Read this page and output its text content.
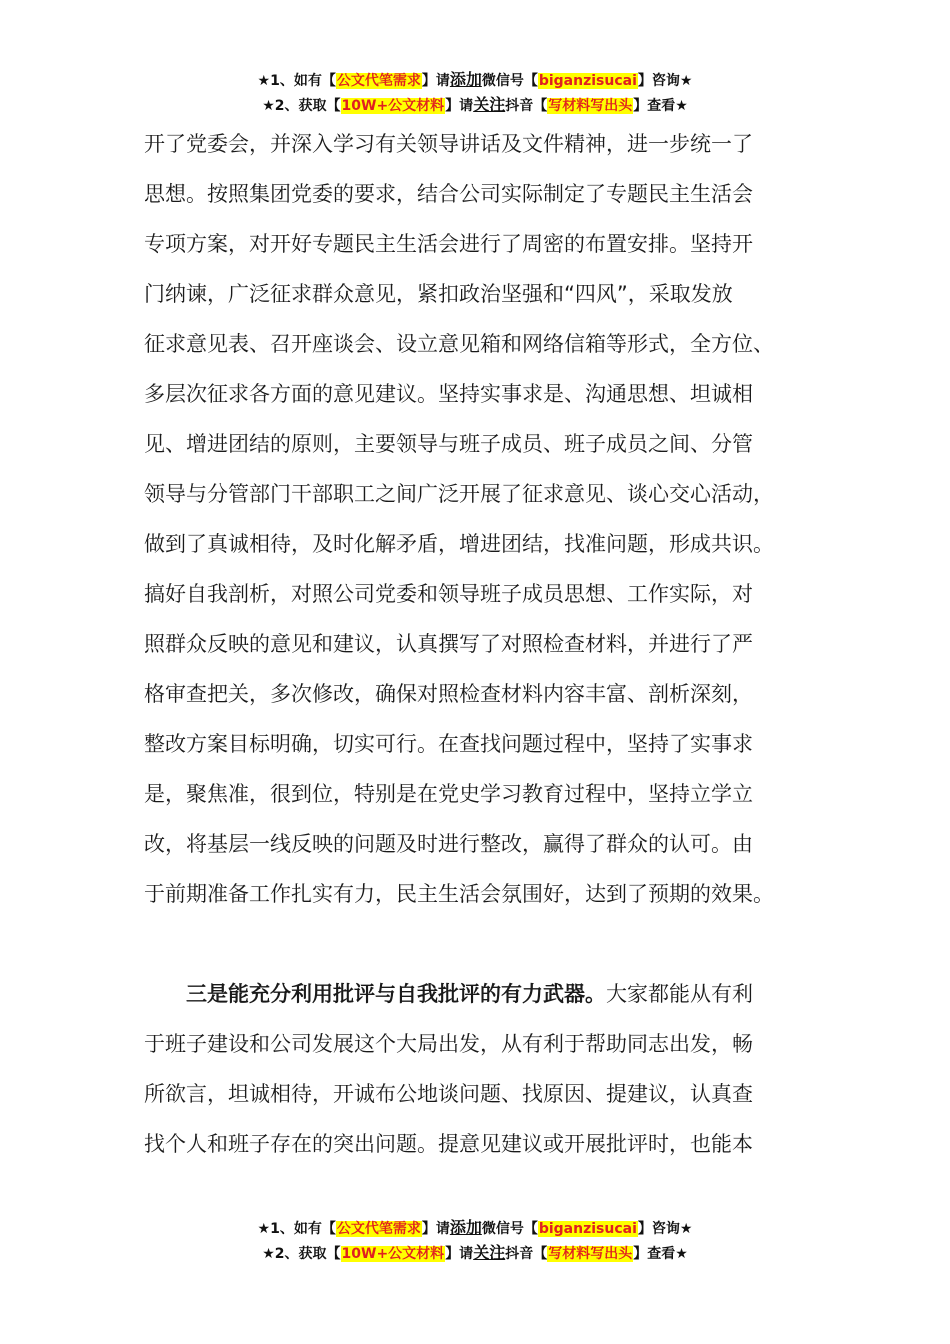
★1、如有【公文代笔需求】请添加微信号【biganzisucai】咨询★
★2、获取【10W+公文材料】请关注抖音【写材料写出头】查看★
开了党委会，并深入学习有关领导讲话及文件精神，进一步统一了
思想。按照集团党委的要求，结合公司实际制定了专题民主生活会
专项方案，对开好专题民主生活会进行了周密的布置安排。坚持开
门纳谏，广泛征求群众意见，紧扣政治坚强和“四风”，采取发放
征求意见表、召开座谈会、设立意见箱和网络信箱等形式，全方位、
多层次征求各方面的意见建议。坚持实事求是、沟通思想、坦诚相
见、增进团结的原则，主要领导与班子成员、班子成员之间、分管
领导与分管部门干部职工之间广泛开展了征求意见、谈心交心活动，
做到了真诚相待，及时化解矛盾，增进团结，找准问题，形成共识。
搞好自我剖析，对照公司党委和领导班子成员思想、工作实际，对
照群众反映的意见和建议，认真撰写了对照检查材料，并进行了严
格审查把关，多次修改，确保对照检查材料内容丰富、剖析深刻，
整改方案目标明确，切实可行。在查找问题过程中，坚持了实事求
是，聚焦准，很到位，特别是在党史学习教育过程中，坚持立学立
改，将基层一线反映的问题及时进行整改，赢得了群众的认可。由
于前期准备工作扎实有力，民主生活会氛围好，达到了预期的效果。
三是能充分利用批评与自我批评的有力武器。大家都能从有利
于班子建设和公司发展这个大局出发，从有利于帮助同志出发，畅
所欲言，坦诚相待，开诚布公地谈问题、找原因、提建议，认真查
找个人和班子存在的突出问题。提意见建议或开展批评时，也能本
★1、如有【公文代笔需求】请添加微信号【biganzisucai】咨询★
★2、获取【10W+公文材料】请关注抖音【写材料写出头】查看★
